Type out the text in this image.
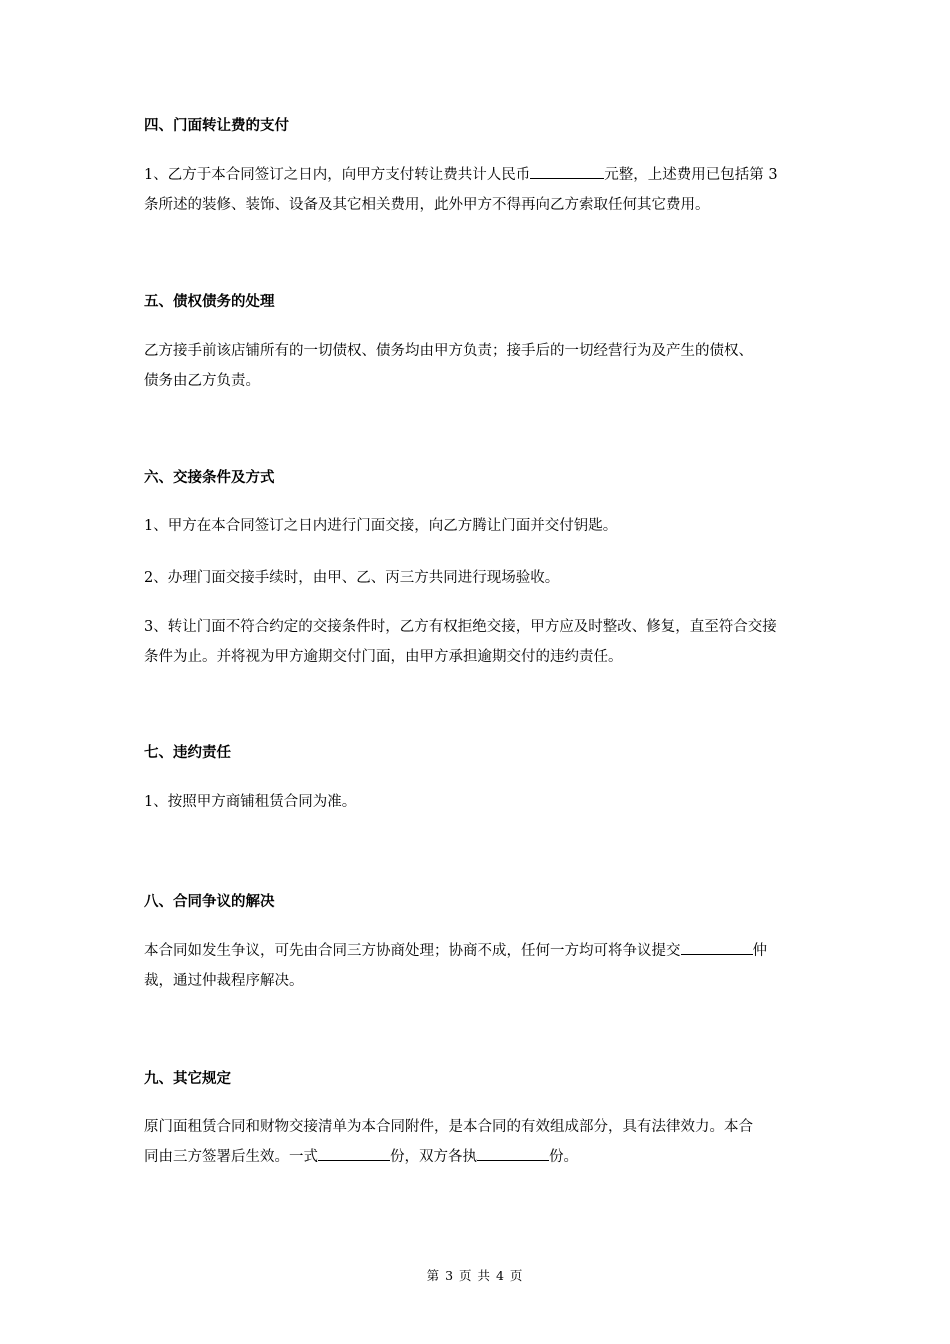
四、门面转让费的支付
1、乙方于本合同签订之日内，向甲方支付转让费共计人民币	元整，上述费用已包括第 3
条所述的装修、装饰、设备及其它相关费用，此外甲方不得再向乙方索取任何其它费用。
五、债权债务的处理
乙方接手前该店铺所有的一切债权、债务均由甲方负责；接手后的一切经营行为及产生的债权、
债务由乙方负责。
六、交接条件及方式
1、甲方在本合同签订之日内进行门面交接，向乙方腾让门面并交付钥匙。
2、办理门面交接手续时，由甲、乙、丙三方共同进行现场验收。
3、转让门面不符合约定的交接条件时，乙方有权拒绝交接，甲方应及时整改、修复，直至符合交接
条件为止。并将视为甲方逾期交付门面，由甲方承担逾期交付的违约责任。
七、违约责任
1、按照甲方商铺租赁合同为准。
八、合同争议的解决
本合同如发生争议，可先由合同三方协商处理；协商不成，任何一方均可将争议提交	仲
裁，通过仲裁程序解决。
九、其它规定
原门面租赁合同和财物交接清单为本合同附件，是本合同的有效组成部分，具有法律效力。本合
同由三方签署后生效。一式	份，双方各执	份。
第 3 页 共 4 页
